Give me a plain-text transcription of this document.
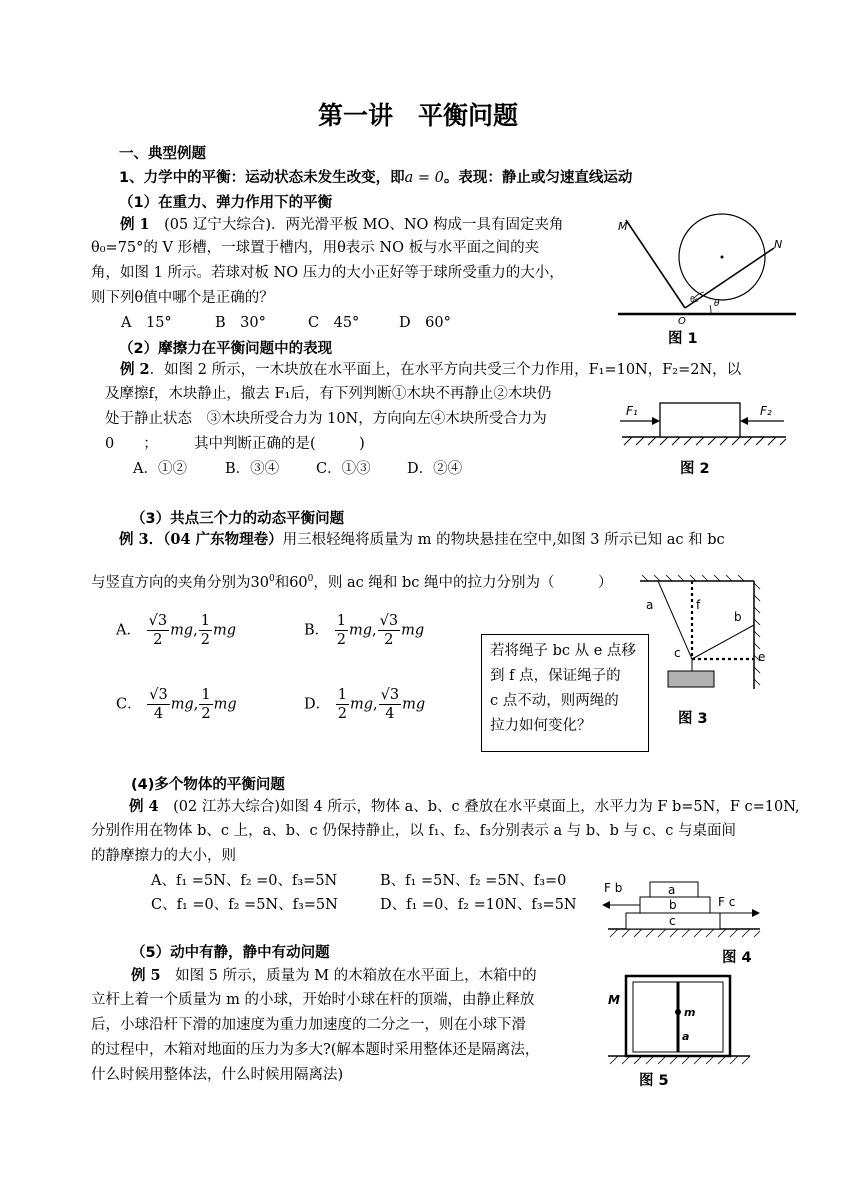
第一讲　平衡问题
一、典型例题
1、力学中的平衡：运动状态未发生改变，即a = 0。表现：静止或匀速直线运动
（1）在重力、弹力作用下的平衡
例 1　 (05 辽宁大综合)．两光滑平板 MO、NO 构成一具有固定夹角
θ₀=75°的 V 形槽，一球置于槽内，用θ表示 NO 板与水平面之间的夹
角，如图 1 所示。若球对板 NO 压力的大小正好等于球所受重力的大小，
则下列θ值中哪个是正确的？
A　15°	B　30°	C　45°	D　60°
M
N
O
θ₀ θ
图 1
（2）摩擦力在平衡问题中的表现
例 2．如图 2 所示，一木块放在水平面上，在水平方向共受三个力作用，F₁=10N，F₂=2N，以
及摩擦f，木块静止，撤去 F₁后，有下列判断①木块不再静止②木块仍
处于静止状态　③木块所受合力为 10N，方向向左④木块所受合力为
0　　；　　　其中判断正确的是(　　　)
A．①②	B．③④	C．①③	D．②④
F₁	F₂
图 2
（3）共点三个力的动态平衡问题
例 3．（04 广东物理卷）用三根轻绳将质量为 m 的物块悬挂在空中,如图 3 所示已知 ac 和 bc
与竖直方向的夹角分别为$30^0$和$60^0$，则 ac 绳和 bc 绳中的拉力分别为（　　　）
A． $\frac{√3}{2}$ mg, $\frac{1}{2}$ mg	B． $\frac{1}{2}$ mg, $\frac{√3}{2}$ mg
C． $\frac{√3}{4}$ mg, $\frac{1}{2}$ mg	D． $\frac{1}{2}$ mg, $\frac{√3}{4}$ mg
若将绳子 bc 从 e 点移
到 f 点，保证绳子的
c 点不动，则两绳的
拉力如何变化？
a	f
b
c	e
图 3
(4)多个物体的平衡问题
例 4　 (02 江苏大综合)如图 4 所示，物体 a、b、c 叠放在水平桌面上，水平力为 F b=5N，F c=10N,
分别作用在物体 b、c 上，a、b、c 仍保持静止，以 f₁、f₂、f₃分别表示 a 与 b、b 与 c、c 与桌面间
的静摩擦力的大小，则
A、f₁ =5N、f₂ =0、f₃=5N	B、f₁ =5N、f₂ =5N、f₃=0
C、f₁ =0、f₂ =5N、f₃=5N	D、f₁ =0、f₂ =10N、f₃=5N
F b
F c
a
b
c
图 4
（5）动中有静，静中有动问题
例 5　 如图 5 所示，质量为 M 的木箱放在水平面上，木箱中的
立杆上着一个质量为 m 的小球，开始时小球在杆的顶端，由静止释放
后，小球沿杆下滑的加速度为重力加速度的二分之一，则在小球下滑
的过程中，木箱对地面的压力为多大?(解本题时采用整体还是隔离法，
什么时候用整体法，什么时候用隔离法)
M
m
a
图 5
